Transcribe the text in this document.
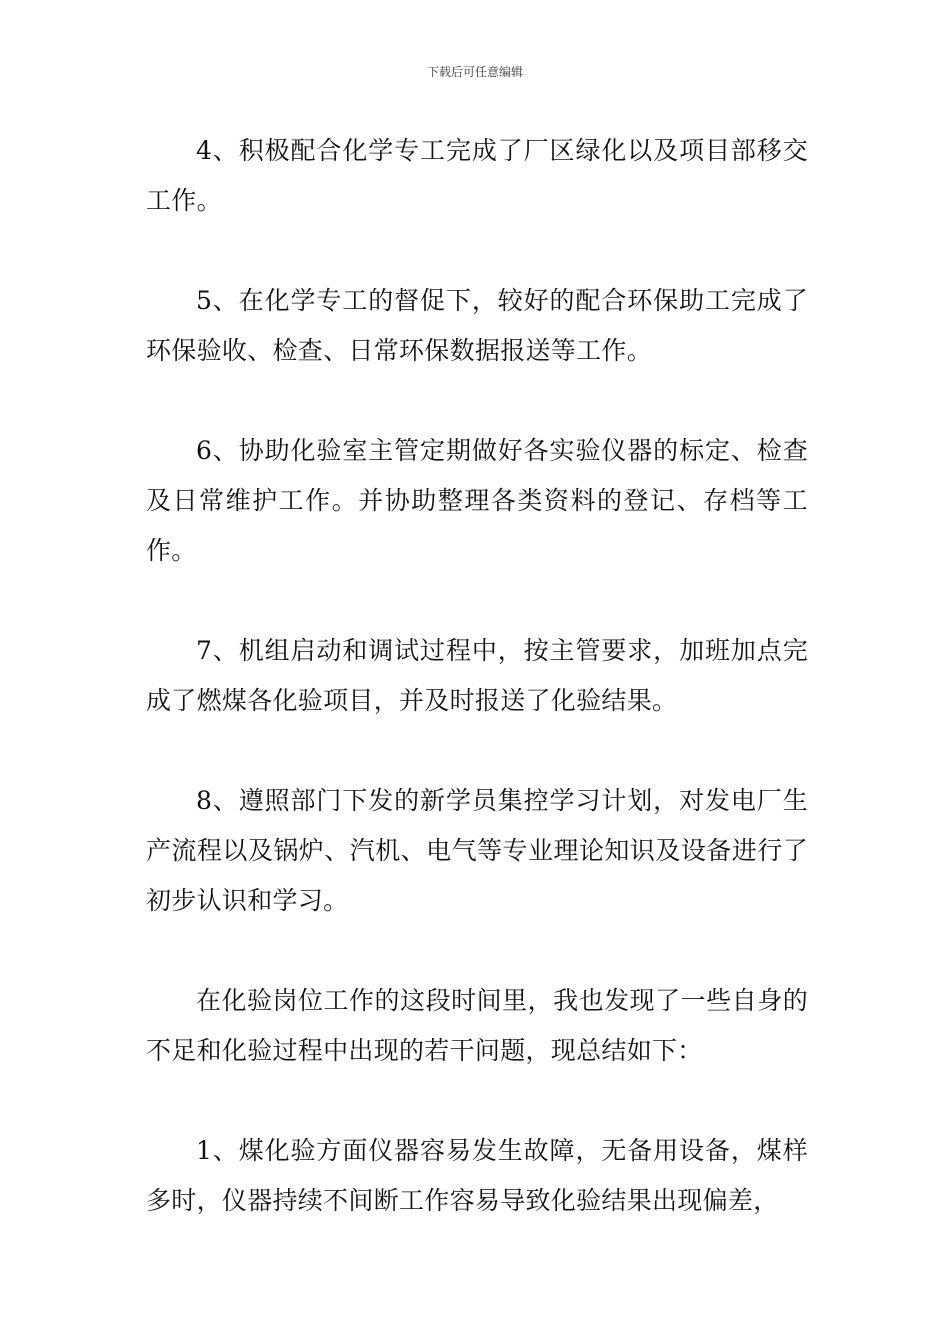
下载后可任意编辑

4、积极配合化学专工完成了厂区绿化以及项目部移交工作。

5、在化学专工的督促下，较好的配合环保助工完成了环保验收、检查、日常环保数据报送等工作。

6、协助化验室主管定期做好各实验仪器的标定、检查及日常维护工作。并协助整理各类资料的登记、存档等工作。

7、机组启动和调试过程中，按主管要求，加班加点完成了燃煤各化验项目，并及时报送了化验结果。

8、遵照部门下发的新学员集控学习计划，对发电厂生产流程以及锅炉、汽机、电气等专业理论知识及设备进行了初步认识和学习。

在化验岗位工作的这段时间里，我也发现了一些自身的不足和化验过程中出现的若干问题，现总结如下：

1、煤化验方面仪器容易发生故障，无备用设备，煤样多时，仪器持续不间断工作容易导致化验结果出现偏差，
